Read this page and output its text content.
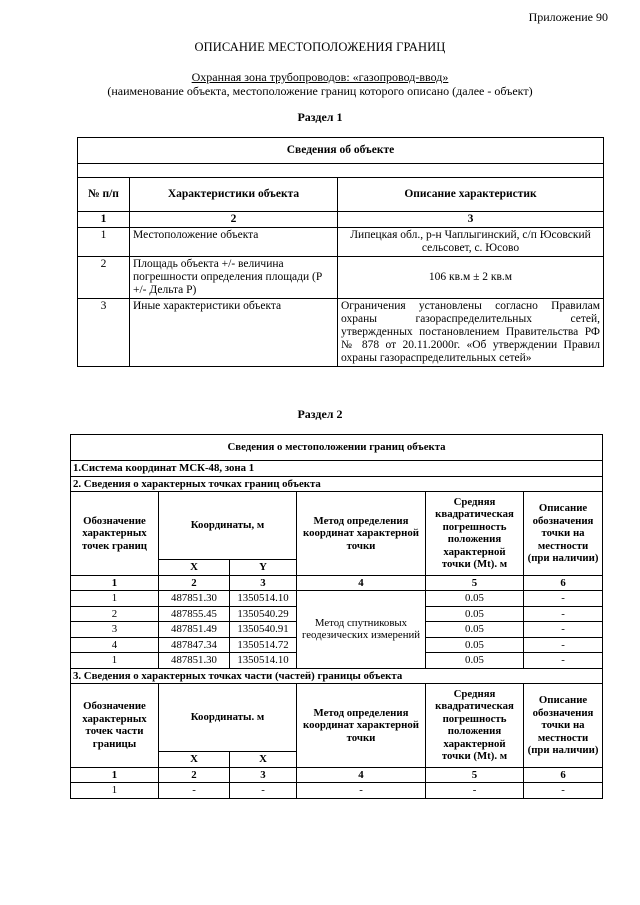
Приложение 90
ОПИСАНИЕ МЕСТОПОЛОЖЕНИЯ ГРАНИЦ
Охранная зона трубопроводов: «газопровод-ввод»
(наименование объекта, местоположение границ которого описано (далее - объект)
Раздел 1
Сведения об объекте		

№ п/п	Характеристики объекта	Описание характеристик
1	2	3
1	Местоположение объекта	Липецкая обл., р-н Чаплыгинский, с/п Юсовский сельсовет, с. Юсово
2	Площадь объекта +/- величина погрешности определения площади (Р +/- Дельта Р)	106 кв.м ± 2 кв.м
3	Иные характеристики объекта	Ограничения установлены согласно Правилам охраны газораспределительных сетей, утвержденных постановлением Правительства РФ № 878 от 20.11.2000г. «Об утверждении Правил охраны газораспределительных сетей»
Раздел 2
Сведения о местоположении границ объекта					
1.Система координат МСК-48, зона 1					
2. Сведения о характерных точках границ объекта					
Обозначение характерных точек границ	Координаты, м		Метод определения координат характерной точки	Средняя квадратическая погрешность положения характерной точки (Mt). м	Описание обозначения точки на местности (при наличии)
	X	Y			
1	2	3	4	5	6
1	487851.30	1350514.10	Метод спутниковых геодезических измерений	0.05	-
2	487855.45	1350540.29		0.05	-
3	487851.49	1350540.91		0.05	-
4	487847.34	1350514.72		0.05	-
1	487851.30	1350514.10		0.05	-
3. Сведения о характерных точках части (частей) границы объекта					
Обозначение характерных точек части границы	Координаты. м		Метод определения координат характерной точки	Средняя квадратическая погрешность положения характерной точки (Mt). м	Описание обозначения точки на местности (при наличии)
	X	X			
1	2	3	4	5	6
1	-	-	-	-	-
